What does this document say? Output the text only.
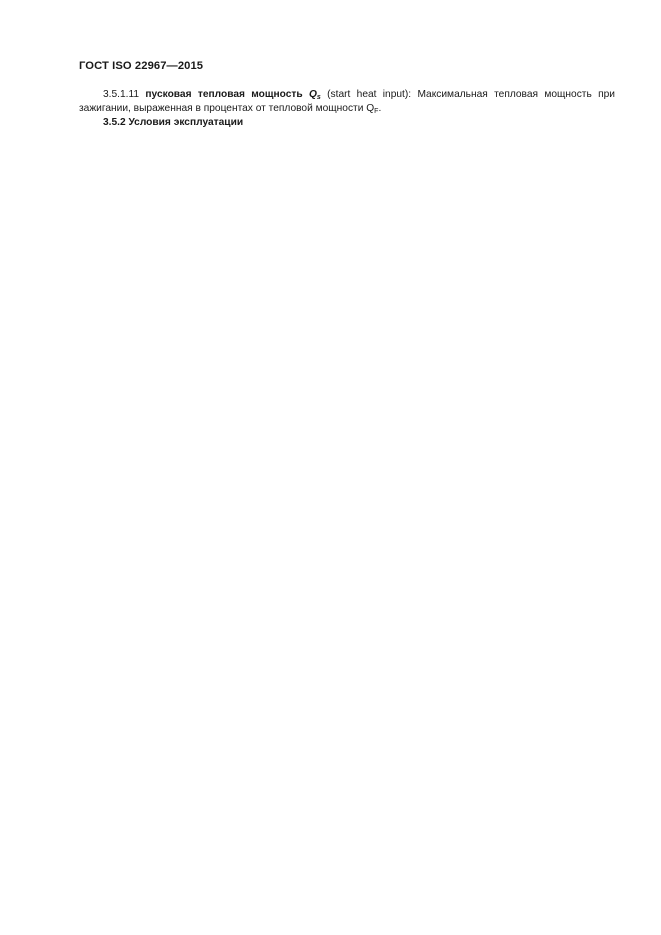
ГОСТ ISO 22967—2015

3.5.1.11 пусковая тепловая мощность $Q_s$ (start heat input): Максимальная тепловая мощность при зажигании, выраженная в процентах от тепловой мощности $Q_F$.

3.5.2 Условия эксплуатации
